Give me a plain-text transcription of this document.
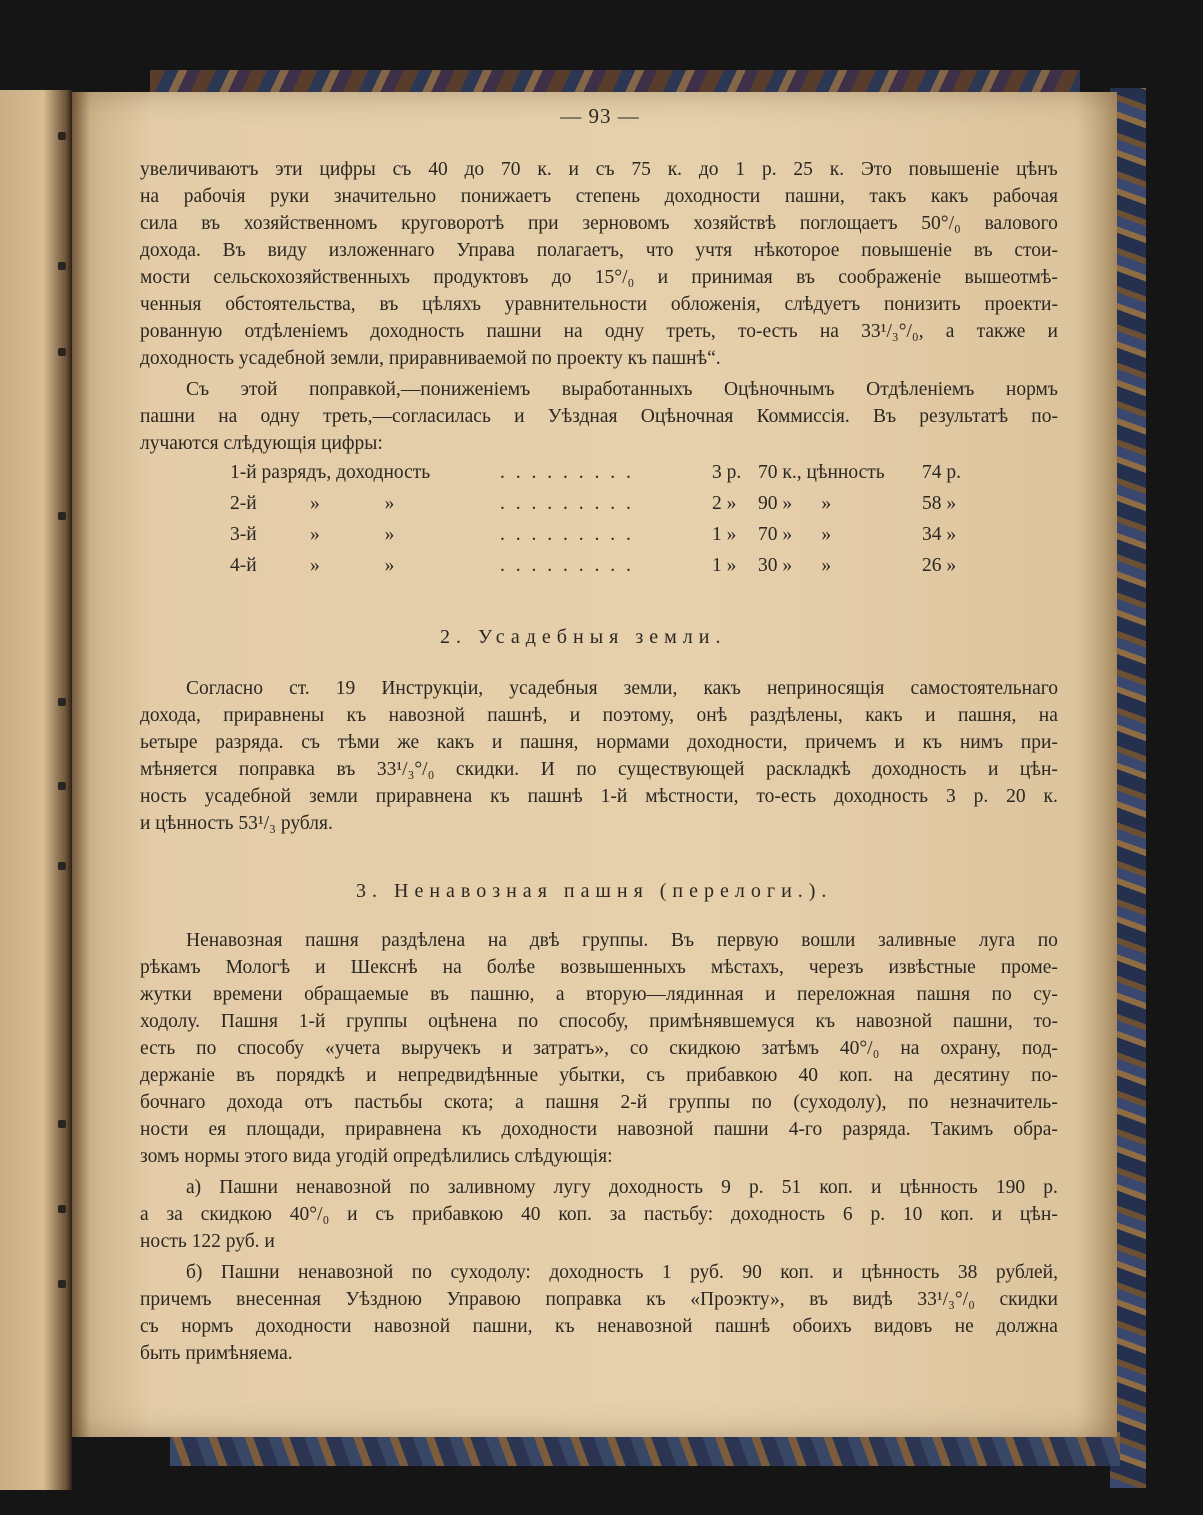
— 93 —
увеличиваютъ эти цифры съ 40 до 70 к. и съ 75 к. до 1 р. 25 к. Это повышеніе цѣнъ
на рабочія руки значительно понижаетъ степень доходности пашни, такъ какъ рабочая
сила въ хозяйственномъ круговоротѣ при зерновомъ хозяйствѣ поглощаетъ 50°/₀ валового
дохода. Въ виду изложеннаго Управа полагаетъ, что учтя нѣкоторое повышеніе въ стои-
мости сельскохозяйственныхъ продуктовъ до 15°/₀ и принимая въ соображеніе вышеотмѣ-
ченныя обстоятельства, въ цѣляхъ уравнительности обложенія, слѣдуетъ понизить проекти-
рованную отдѣленіемъ доходность пашни на одну треть, то-есть на 33¹/₃°/₀, а также и
доходность усадебной земли, приравниваемой по проекту къ пашнѣ“.
Съ этой поправкой,—пониженіемъ выработанныхъ Оцѣночнымъ Отдѣленіемъ нормъ
пашни на одну треть,—согласилась и Уѣздная Оцѣночная Коммиссія. Въ результатѣ по-
лучаются слѣдующія цифры:
1-й разрядъ, доходность	. . . . . . . . .	3 р. 70 к., цѣнность 74 р.
2-й	» »	. . . . . . . . .	2 » 90 »      »	58 »
3-й	» »	. . . . . . . . .	1 » 70 »      »	34 »
4-й	» »	. . . . . . . . .	1 » 30 »      »	26 »
2. Усадебныя земли.
Согласно ст. 19 Инструкціи, усадебныя земли, какъ неприносящія самостоятельнаго
дохода, приравнены къ навозной пашнѣ, и поэтому, онѣ раздѣлены, какъ и пашня, на
ьетыре разряда. съ тѣми же какъ и пашня, нормами доходности, причемъ и къ нимъ при-
мѣняется поправка въ 33¹/₃°/₀ скидки. И по существующей раскладкѣ доходность и цѣн-
ность усадебной земли приравнена къ пашнѣ 1-й мѣстности, то-есть доходность 3 р. 20 к.
и цѣнность 53¹/₃ рубля.
3. Ненавозная пашня (перелоги.).
Ненавозная пашня раздѣлена на двѣ группы. Въ первую вошли заливные луга по
рѣкамъ Мологѣ и Шекснѣ на болѣе возвышенныхъ мѣстахъ, черезъ извѣстные проме-
жутки времени обращаемые въ пашню, а вторую—лядинная и переложная пашня по су-
ходолу. Пашня 1-й группы оцѣнена по способу, примѣнявшемуся къ навозной пашни, то-
есть по способу «учета выручекъ и затратъ», со скидкою затѣмъ 40°/₀ на охрану, под-
держаніе въ порядкѣ и непредвидѣнные убытки, съ прибавкою 40 коп. на десятину по-
бочнаго дохода отъ пастьбы скота; а пашня 2-й группы по (суходолу), по незначитель-
ности ея площади, приравнена къ доходности навозной пашни 4-го разряда. Такимъ обра-
зомъ нормы этого вида угодій опредѣлились слѣдующія:
а) Пашни ненавозной по заливному лугу доходность 9 р. 51 коп. и цѣнность 190 р.
а за скидкою 40°/₀ и съ прибавкою 40 коп. за пастьбу: доходность 6 р. 10 коп. и цѣн-
ность 122 руб. и
б) Пашни ненавозной по суходолу: доходность 1 руб. 90 коп. и цѣнность 38 рублей,
причемъ внесенная Уѣздною Управою поправка къ «Проэкту», въ видѣ 33¹/₃°/₀ скидки
съ нормъ доходности навозной пашни, къ ненавозной пашнѣ обоихъ видовъ не должна
быть примѣняема.
